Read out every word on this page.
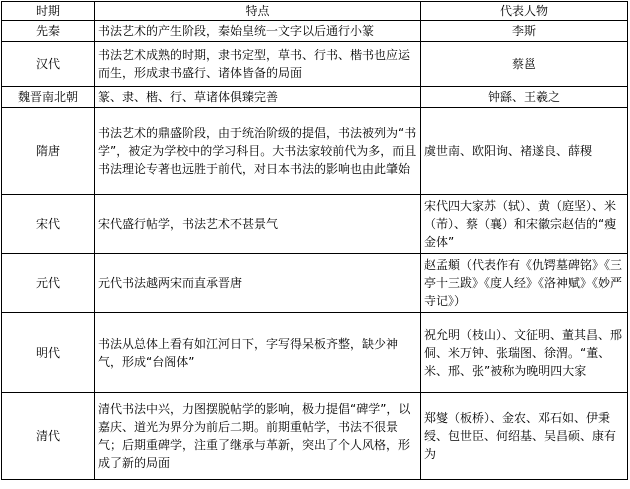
时期	特点	代表人物
先秦	书法艺术的产生阶段，秦始皇统一文字以后通行小篆	李斯
汉代	书法艺术成熟的时期，隶书定型，草书、行书、楷书也应运而生，形成隶书盛行、诸体皆备的局面	蔡邕
魏晋南北朝	篆、隶、楷、行、草诸体俱臻完善	钟繇、王羲之
隋唐	书法艺术的鼎盛阶段，由于统治阶级的提倡，书法被列为“书学”，被定为学校中的学习科目。大书法家较前代为多，而且书法理论专著也远胜于前代，对日本书法的影响也由此肇始	虞世南、欧阳询、褚遂良、薛稷
宋代	宋代盛行帖学，书法艺术不甚景气	宋代四大家苏（轼）、黄（庭坚）、米（芾）、蔡（襄）和宋徽宗赵佶的“瘦金体”
元代	元代书法越两宋而直承晋唐	赵孟頫（代表作有《仇锷墓碑铭》《三亭十三跋》《度人经》《洛神赋》《妙严寺记》）
明代	书法从总体上看有如江河日下，字写得呆板齐整，缺少神气，形成“台阁体”	祝允明（枝山）、文征明、董其昌、邢侗、米万钟、张瑞图、徐渭。“董、米、邢、张”被称为晚明四大家
清代	清代书法中兴，力图摆脱帖学的影响，极力提倡“碑学”，以嘉庆、道光为界分为前后二期。前期重帖学，书法不很景气；后期重碑学，注重了继承与革新，突出了个人风格，形成了新的局面	郑燮（板桥）、金农、邓石如、伊秉绶、包世臣、何绍基、吴昌硕、康有为
